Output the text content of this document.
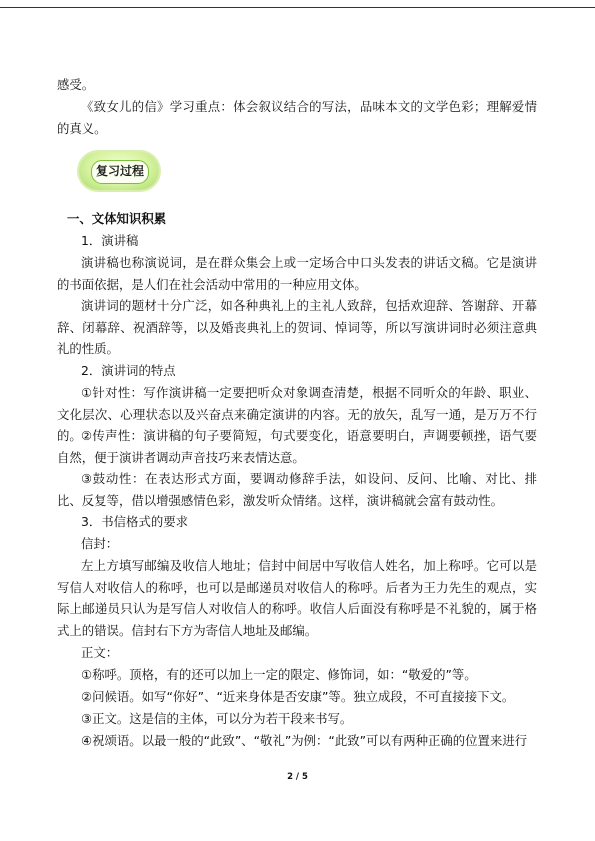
感受。

《致女儿的信》学习重点：体会叙议结合的写法，品味本文的文学色彩；理解爱情的真义。

复习过程
一、文体知识积累

1．演讲稿

演讲稿也称演说词，是在群众集会上或一定场合中口头发表的讲话文稿。它是演讲的书面依据，是人们在社会活动中常用的一种应用文体。

演讲词的题材十分广泛，如各种典礼上的主礼人致辞，包括欢迎辞、答谢辞、开幕辞、闭幕辞、祝酒辞等，以及婚丧典礼上的贺词、悼词等，所以写演讲词时必须注意典礼的性质。

2．演讲词的特点

①针对性：写作演讲稿一定要把听众对象调查清楚，根据不同听众的年龄、职业、文化层次、心理状态以及兴奋点来确定演讲的内容。无的放矢，乱写一通，是万万不行的。 ②传声性：演讲稿的句子要简短，句式要变化，语意要明白，声调要顿挫，语气要自然，便于演讲者调动声音技巧来表情达意。

③鼓动性：在表达形式方面，要调动修辞手法，如设问、反问、比喻、对比、排比、反复等，借以增强感情色彩，激发听众情绪。这样，演讲稿就会富有鼓动性。

3．书信格式的要求

信封：

左上方填写邮编及收信人地址；信封中间居中写收信人姓名，加上称呼。它可以是写信人对收信人的称呼，也可以是邮递员对收信人的称呼。后者为王力先生的观点，实际上邮递员只认为是写信人对收信人的称呼。收信人后面没有称呼是不礼貌的，属于格式上的错误。信封右下方为寄信人地址及邮编。

正文：

①称呼。顶格，有的还可以加上一定的限定、修饰词，如：“敬爱的”等。

②问候语。如写“你好”、“近来身体是否安康”等。独立成段，不可直接接下文。

③正文。这是信的主体，可以分为若干段来书写。

④祝颂语。以最一般的“此致”、“敬礼”为例：“此致”可以有两种正确的位置来进行

2 / 5
